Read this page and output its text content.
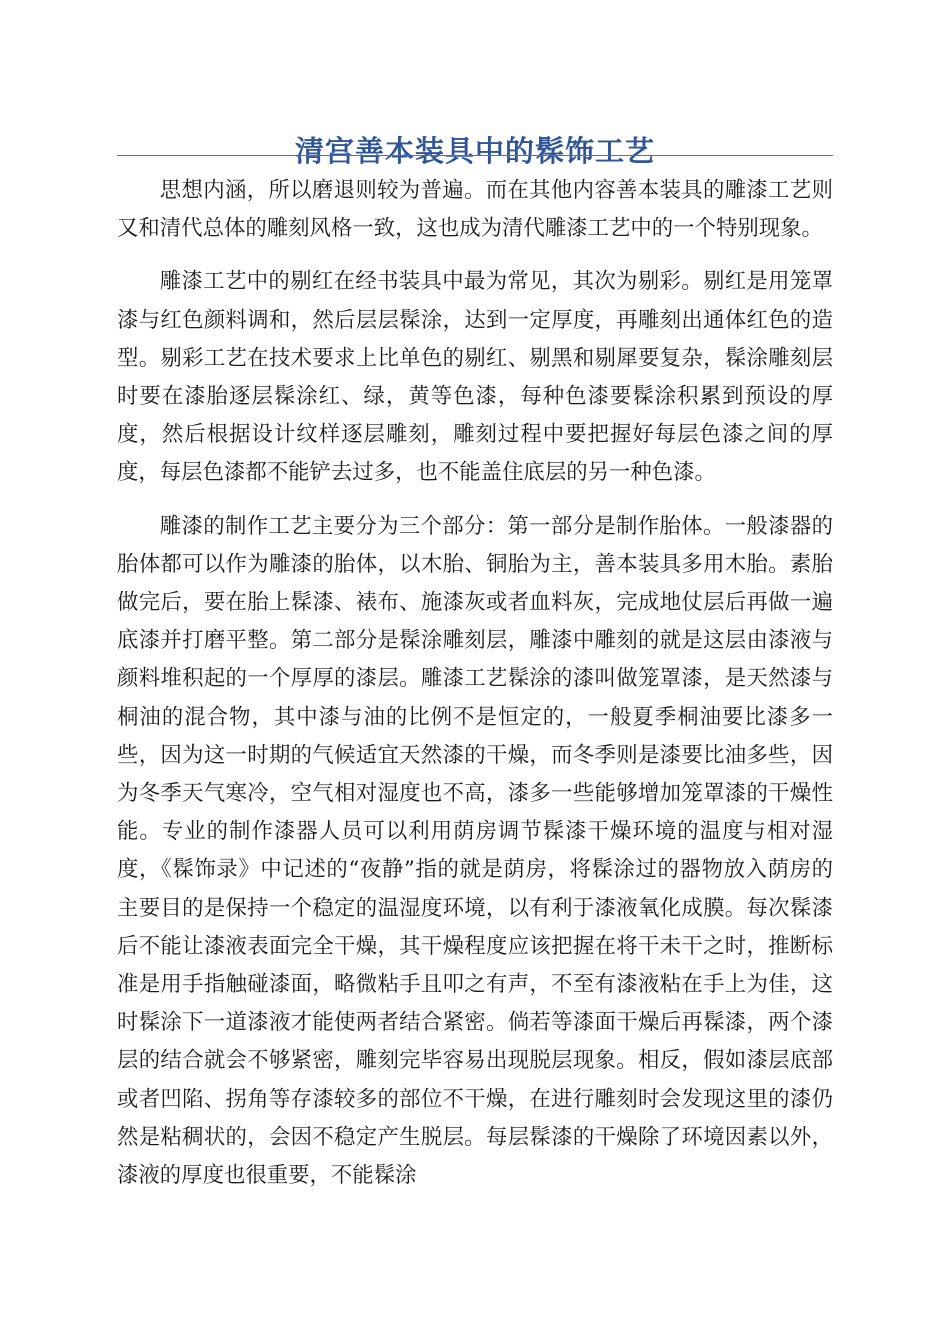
清宫善本装具中的髹饰工艺

思想内涵，所以磨退则较为普遍。而在其他内容善本装具的雕漆工艺则又和清代总体的雕刻风格一致，这也成为清代雕漆工艺中的一个特别现象。

雕漆工艺中的剔红在经书装具中最为常见，其次为剔彩。剔红是用笼罩漆与红色颜料调和，然后层层髹涂，达到一定厚度，再雕刻出通体红色的造型。剔彩工艺在技术要求上比单色的剔红、剔黑和剔犀要复杂，髹涂雕刻层时要在漆胎逐层髹涂红、绿，黄等色漆，每种色漆要髹涂积累到预设的厚度，然后根据设计纹样逐层雕刻，雕刻过程中要把握好每层色漆之间的厚度，每层色漆都不能铲去过多，也不能盖住底层的另一种色漆。

雕漆的制作工艺主要分为三个部分：第一部分是制作胎体。一般漆器的胎体都可以作为雕漆的胎体，以木胎、铜胎为主，善本装具多用木胎。素胎做完后，要在胎上髹漆、裱布、施漆灰或者血料灰，完成地仗层后再做一遍底漆并打磨平整。第二部分是髹涂雕刻层，雕漆中雕刻的就是这层由漆液与颜料堆积起的一个厚厚的漆层。雕漆工艺髹涂的漆叫做笼罩漆，是天然漆与桐油的混合物，其中漆与油的比例不是恒定的，一般夏季桐油要比漆多一些，因为这一时期的气候适宜天然漆的干燥，而冬季则是漆要比油多些，因为冬季天气寒冷，空气相对湿度也不高，漆多一些能够增加笼罩漆的干燥性能。专业的制作漆器人员可以利用荫房调节髹漆干燥环境的温度与相对湿度，《髹饰录》中记述的“夜静”指的就是荫房，将髹涂过的器物放入荫房的主要目的是保持一个稳定的温湿度环境，以有利于漆液氧化成膜。每次髹漆后不能让漆液表面完全干燥，其干燥程度应该把握在将干未干之时，推断标准是用手指触碰漆面，略微粘手且叩之有声，不至有漆液粘在手上为佳，这时髹涂下一道漆液才能使两者结合紧密。倘若等漆面干燥后再髹漆，两个漆层的结合就会不够紧密，雕刻完毕容易出现脱层现象。相反，假如漆层底部或者凹陷、拐角等存漆较多的部位不干燥，在进行雕刻时会发现这里的漆仍然是粘稠状的，会因不稳定产生脱层。每层髹漆的干燥除了环境因素以外，漆液的厚度也很重要，不能髹涂
